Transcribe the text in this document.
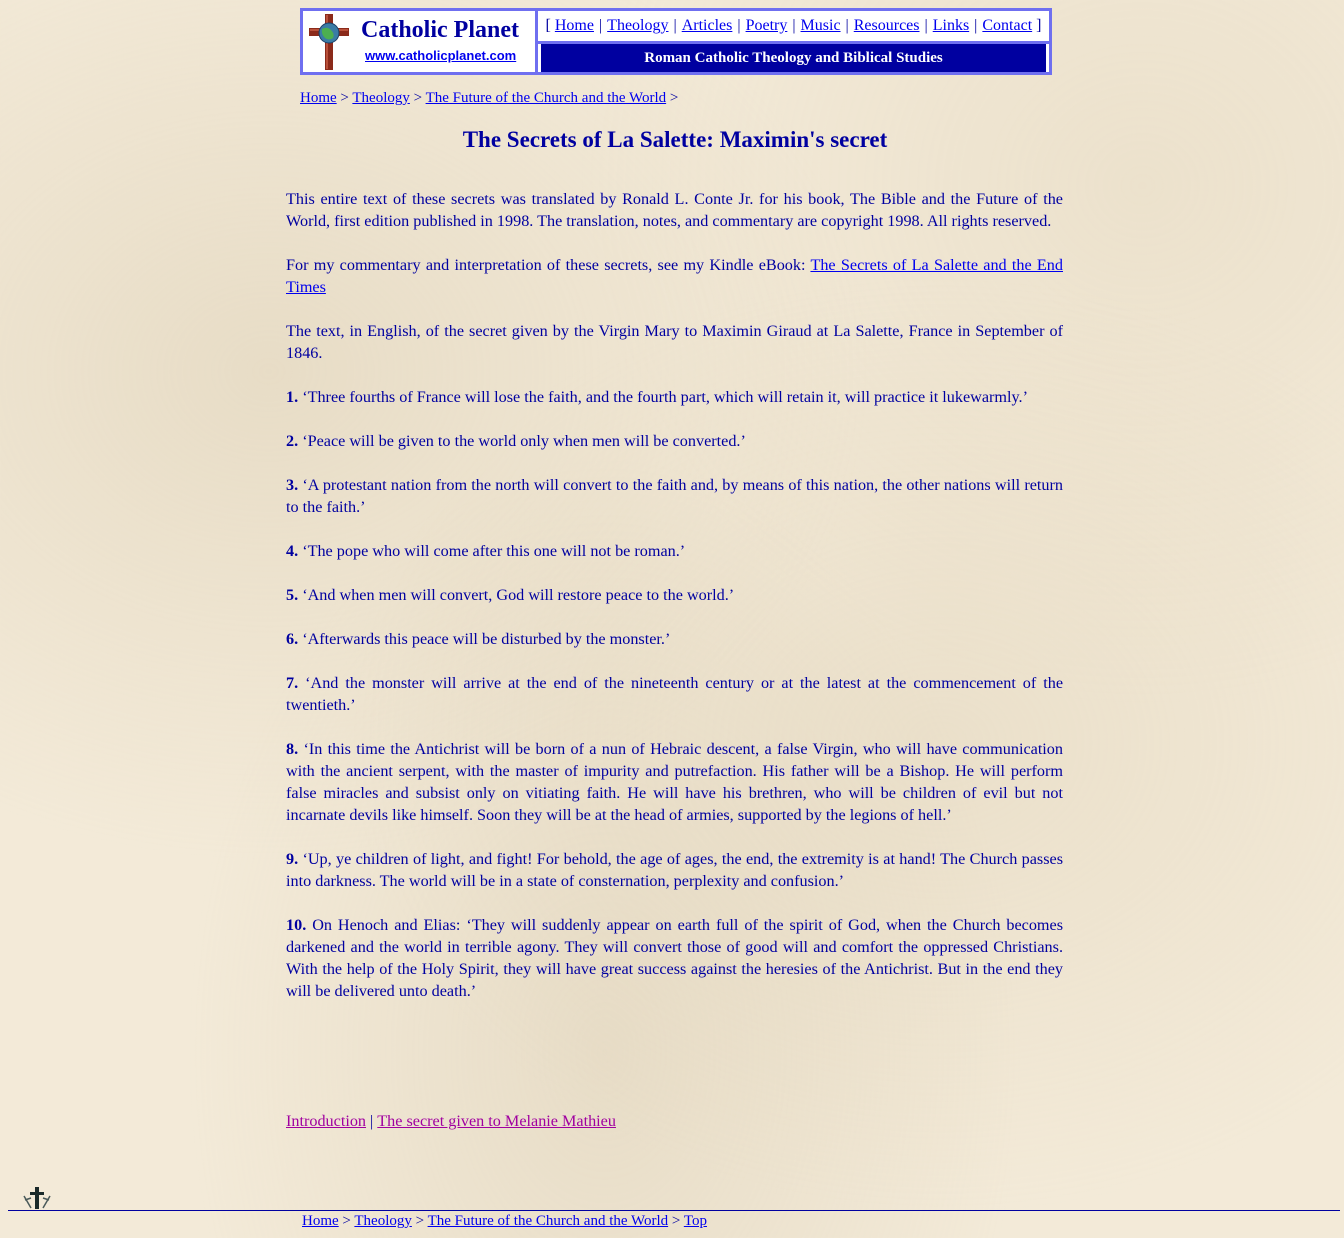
Catholic Planet
www.catholicplanet.com
[
Home | Theology | Articles | Poetry | Music | Resources | Links | Contact
]
Roman Catholic Theology and Biblical Studies
Home > Theology > The Future of the Church and the World >
The Secrets of La Salette: Maximin's secret

This entire text of these secrets was translated by Ronald L. Conte Jr. for his book, The Bible and the Future of the World, first edition published in 1998. The translation, notes, and commentary are copyright 1998. All rights reserved.

For my commentary and interpretation of these secrets, see my Kindle eBook: The Secrets of La Salette and the End Times

The text, in English, of the secret given by the Virgin Mary to Maximin Giraud at La Salette, France in September of 1846.

1. ‘Three fourths of France will lose the faith, and the fourth part, which will retain it, will practice it lukewarmly.’

2. ‘Peace will be given to the world only when men will be converted.’

3. ‘A protestant nation from the north will convert to the faith and, by means of this nation, the other nations will return to the faith.’

4. ‘The pope who will come after this one will not be roman.’

5. ‘And when men will convert, God will restore peace to the world.’

6. ‘Afterwards this peace will be disturbed by the monster.’

7. ‘And the monster will arrive at the end of the nineteenth century or at the latest at the commencement of the twentieth.’

8. ‘In this time the Antichrist will be born of a nun of Hebraic descent, a false Virgin, who will have communication with the ancient serpent, with the master of impurity and putrefaction. His father will be a Bishop. He will perform false miracles and subsist only on vitiating faith. He will have his brethren, who will be children of evil but not incarnate devils like himself. Soon they will be at the head of armies, supported by the legions of hell.’

9. ‘Up, ye children of light, and fight! For behold, the age of ages, the end, the extremity is at hand! The Church passes into darkness. The world will be in a state of consternation, perplexity and confusion.’

10. On Henoch and Elias: ‘They will suddenly appear on earth full of the spirit of God, when the Church becomes darkened and the world in terrible agony. They will convert those of good will and comfort the oppressed Christians. With the help of the Holy Spirit, they will have great success against the heresies of the Antichrist. But in the end they will be delivered unto death.’

Introduction | The secret given to Melanie Mathieu
Home > Theology > The Future of the Church and the World > Top
